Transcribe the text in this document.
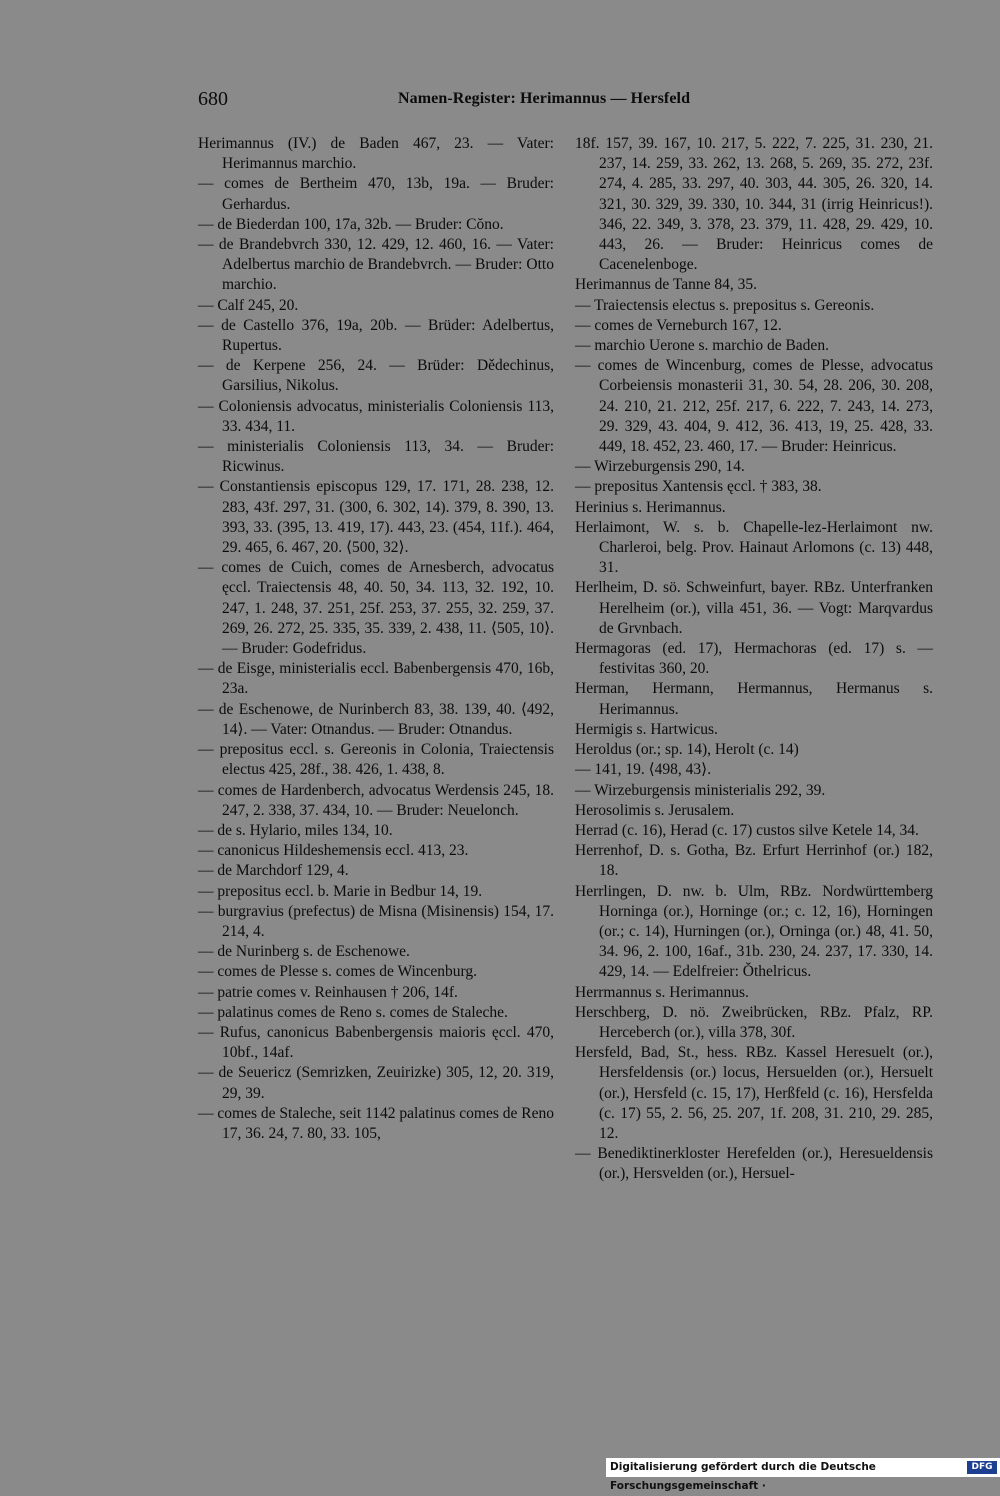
680	Namen-Register: Herimannus — Hersfeld

Herimannus (IV.) de Baden 467, 23. — Vater: Herimannus marchio.

— comes de Bertheim 470, 13b, 19a. — Bruder: Gerhardus.

— de Biederdan 100, 17a, 32b. — Bruder: Cŏno.

— de Brandebvrch 330, 12. 429, 12. 460, 16. — Vater: Adelbertus marchio de Brandebvrch. — Bruder: Otto marchio.

— Calf 245, 20.

— de Castello 376, 19a, 20b. — Brüder: Adelbertus, Rupertus.

— de Kerpene 256, 24. — Brüder: Dědechinus, Garsilius, Nikolus.

— Coloniensis advocatus, ministerialis Coloniensis 113, 33. 434, 11.

— ministerialis Coloniensis 113, 34. — Bruder: Ricwinus.

— Constantiensis episcopus 129, 17. 171, 28. 238, 12. 283, 43f. 297, 31. (300, 6. 302, 14). 379, 8. 390, 13. 393, 33. (395, 13. 419, 17). 443, 23. (454, 11f.). 464, 29. 465, 6. 467, 20. ⟨500, 32⟩.

— comes de Cuich, comes de Arnesberch, advocatus ęccl. Traiectensis 48, 40. 50, 34. 113, 32. 192, 10. 247, 1. 248, 37. 251, 25f. 253, 37. 255, 32. 259, 37. 269, 26. 272, 25. 335, 35. 339, 2. 438, 11. ⟨505, 10⟩. — Bruder: Godefridus.

— de Eisge, ministerialis eccl. Babenbergensis 470, 16b, 23a.

— de Eschenowe, de Nurinberch 83, 38. 139, 40. ⟨492, 14⟩. — Vater: Otnandus. — Bruder: Otnandus.

— prepositus eccl. s. Gereonis in Colonia, Traiectensis electus 425, 28f., 38. 426, 1. 438, 8.

— comes de Hardenberch, advocatus Werdensis 245, 18. 247, 2. 338, 37. 434, 10. — Bruder: Neuelonch.

— de s. Hylario, miles 134, 10.

— canonicus Hildeshemensis eccl. 413, 23.

— de Marchdorf 129, 4.

— prepositus eccl. b. Marie in Bedbur 14, 19.

— burgravius (prefectus) de Misna (Misinensis) 154, 17. 214, 4.

— de Nurinberg s. de Eschenowe.

— comes de Plesse s. comes de Wincenburg.

— patrie comes v. Reinhausen † 206, 14f.

— palatinus comes de Reno s. comes de Staleche.

— Rufus, canonicus Babenbergensis maioris ęccl. 470, 10bf., 14af.

— de Seuericz (Semrizken, Zeuirizke) 305, 12, 20. 319, 29, 39.

— comes de Staleche, seit 1142 palatinus comes de Reno 17, 36. 24, 7. 80, 33. 105,

18f. 157, 39. 167, 10. 217, 5. 222, 7. 225, 31. 230, 21. 237, 14. 259, 33. 262, 13. 268, 5. 269, 35. 272, 23f. 274, 4. 285, 33. 297, 40. 303, 44. 305, 26. 320, 14. 321, 30. 329, 39. 330, 10. 344, 31 (irrig Heinricus!). 346, 22. 349, 3. 378, 23. 379, 11. 428, 29. 429, 10. 443, 26. — Bruder: Heinricus comes de Cacenelenboge.

Herimannus de Tanne 84, 35.

— Traiectensis electus s. prepositus s. Gereonis.

— comes de Verneburch 167, 12.

— marchio Uerone s. marchio de Baden.

— comes de Wincenburg, comes de Plesse, advocatus Corbeiensis monasterii 31, 30. 54, 28. 206, 30. 208, 24. 210, 21. 212, 25f. 217, 6. 222, 7. 243, 14. 273, 29. 329, 43. 404, 9. 412, 36. 413, 19, 25. 428, 33. 449, 18. 452, 23. 460, 17. — Bruder: Heinricus.

— Wirzeburgensis 290, 14.

— prepositus Xantensis ęccl. † 383, 38.

Herinius s. Herimannus.

Herlaimont, W. s. b. Chapelle-lez-Herlaimont nw. Charleroi, belg. Prov. Hainaut Arlomons (c. 13) 448, 31.

Herlheim, D. sö. Schweinfurt, bayer. RBz. Unterfranken Herelheim (or.), villa 451, 36. — Vogt: Marqvardus de Grvnbach.

Hermagoras (ed. 17), Hermachoras (ed. 17) s. — festivitas 360, 20.

Herman, Hermann, Hermannus, Hermanus s. Herimannus.

Hermigis s. Hartwicus.

Heroldus (or.; sp. 14), Herolt (c. 14)

— 141, 19. ⟨498, 43⟩.

— Wirzeburgensis ministerialis 292, 39.

Herosolimis s. Jerusalem.

Herrad (c. 16), Herad (c. 17) custos silve Ketele 14, 34.

Herrenhof, D. s. Gotha, Bz. Erfurt Herrinhof (or.) 182, 18.

Herrlingen, D. nw. b. Ulm, RBz. Nordwürttemberg Horninga (or.), Horninge (or.; c. 12, 16), Horningen (or.; c. 14), Hurningen (or.), Orninga (or.) 48, 41. 50, 34. 96, 2. 100, 16af., 31b. 230, 24. 237, 17. 330, 14. 429, 14. — Edelfreier: Ŏthelricus.

Herrmannus s. Herimannus.

Herschberg, D. nö. Zweibrücken, RBz. Pfalz, RP. Herceberch (or.), villa 378, 30f.

Hersfeld, Bad, St., hess. RBz. Kassel Heresuelt (or.), Hersfeldensis (or.) locus, Hersuelden (or.), Hersuelt (or.), Hersfeld (c. 15, 17), Herßfeld (c. 16), Hersfelda (c. 17) 55, 2. 56, 25. 207, 1f. 208, 31. 210, 29. 285, 12.

— Benediktinerkloster Herefelden (or.), Heresueldensis (or.), Hersvelden (or.), Hersuel-

Digitalisierung gefördert durch die Deutsche Forschungsgemeinschaft ·
DFG
